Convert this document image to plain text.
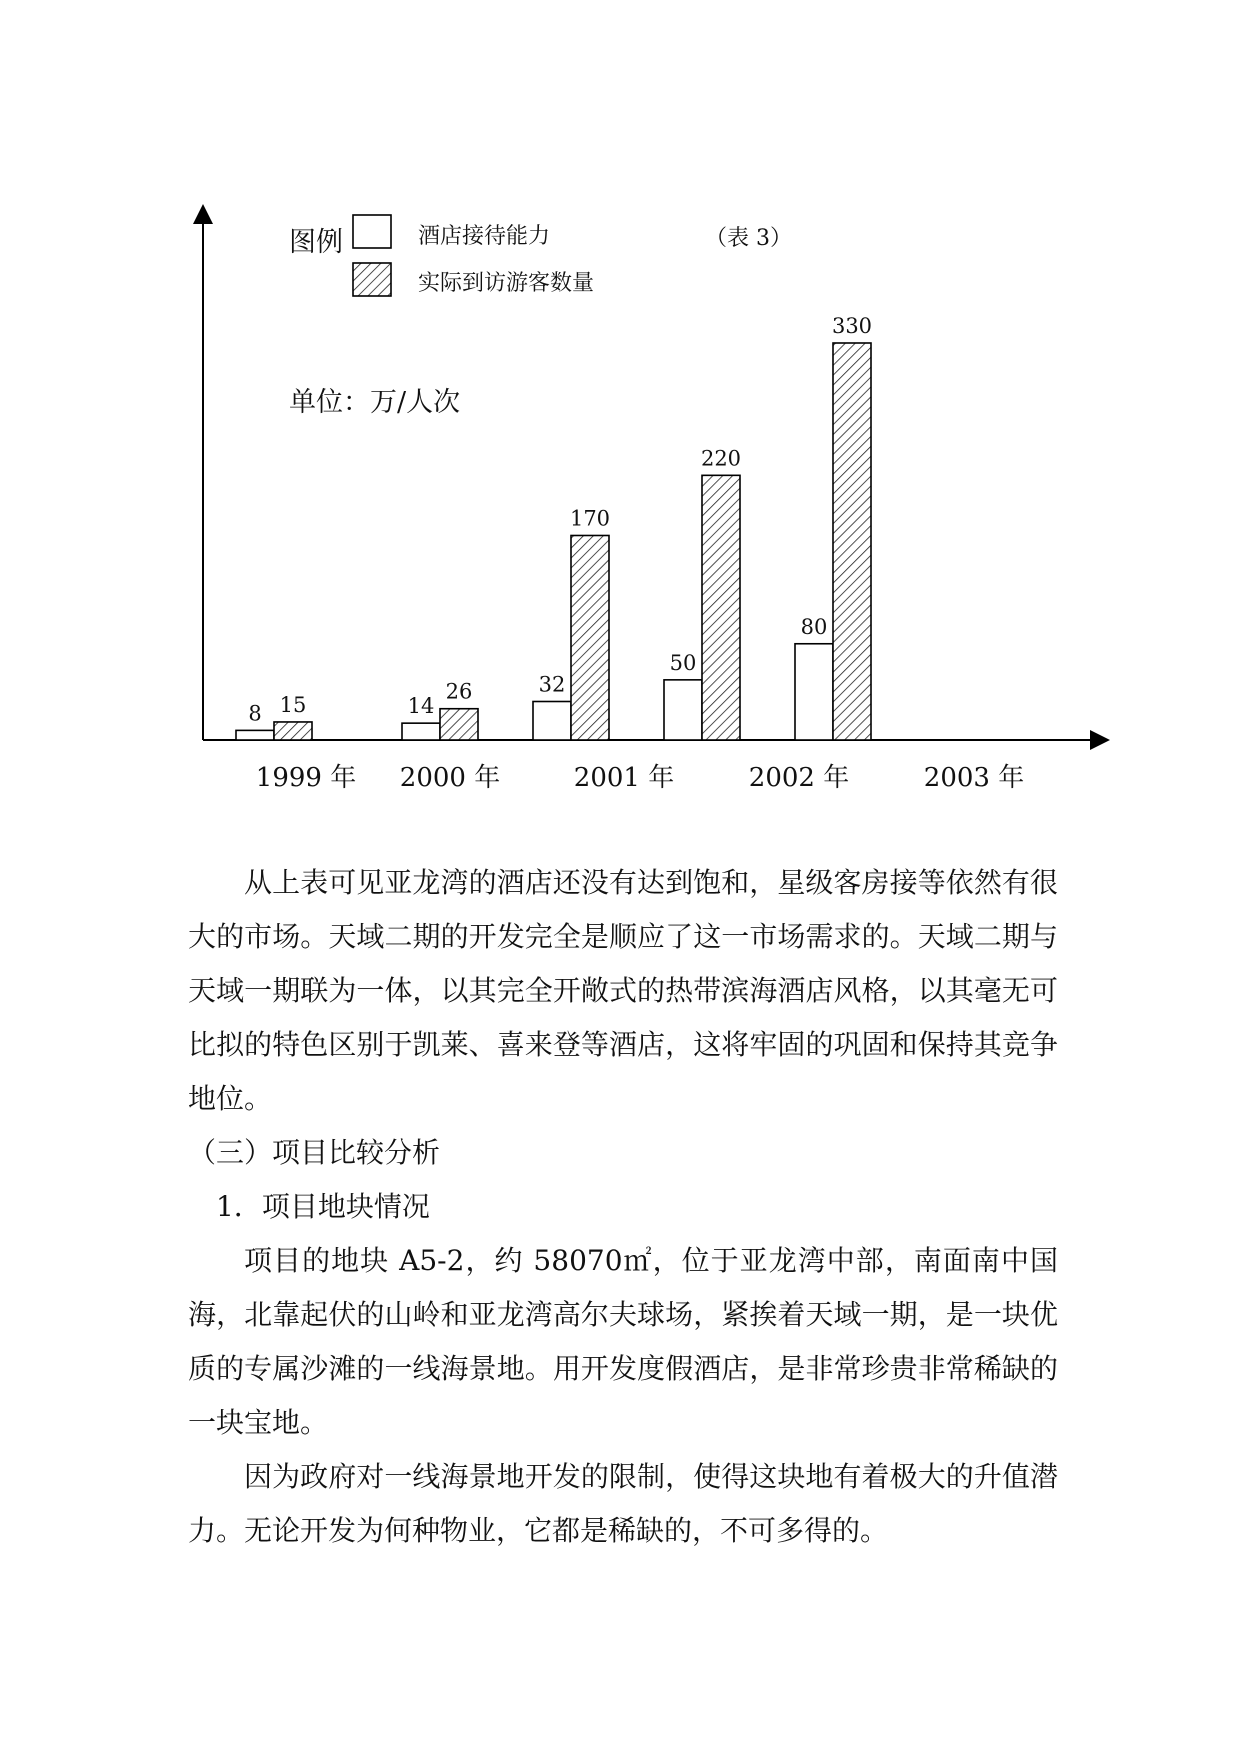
图例	酒店接待能力
实际到访游客数量
（表 3）
单位：万/人次
8 15	14
26	32
170
50
220
80
330
1999 年 2000 年	2001 年	2002 年	2003 年

从上表可见亚龙湾的酒店还没有达到饱和，星级客房接等依然有很大的市场。天域二期的开发完全是顺应了这一市场需求的。天域二期与天域一期联为一体，以其完全开敞式的热带滨海酒店风格，以其毫无可比拟的特色区别于凯莱、喜来登等酒店，这将牢固的巩固和保持其竞争地位。

（三）项目比较分析

1．项目地块情况

项目的地块 A5-2，约 58070㎡，位于亚龙湾中部，南面南中国海，北靠起伏的山岭和亚龙湾高尔夫球场，紧挨着天域一期，是一块优质的专属沙滩的一线海景地。用开发度假酒店，是非常珍贵非常稀缺的一块宝地。

因为政府对一线海景地开发的限制，使得这块地有着极大的升值潜力。无论开发为何种物业，它都是稀缺的，不可多得的。
